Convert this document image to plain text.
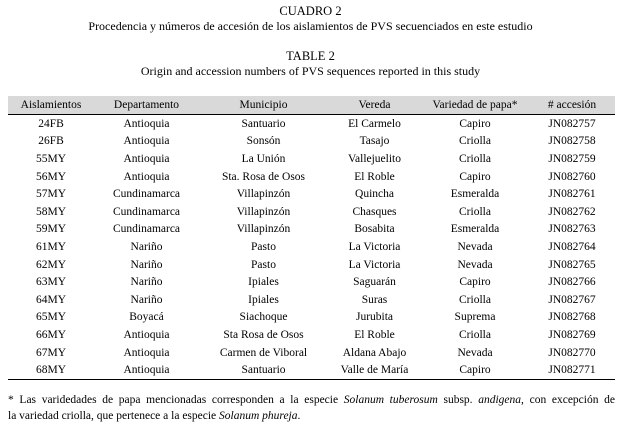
CUADRO 2
Procedencia y números de accesión de los aislamientos de PVS secuenciados en este estudio
TABLE 2
Origin and accession numbers of PVS sequences reported in this study
Aislamientos	Departamento	Municipio	Vereda	Variedad de papa*	# accesión
24FB	Antioquia	Santuario	El Carmelo	Capiro	JN082757
26FB	Antioquia	Sonsón	Tasajo	Criolla	JN082758
55MY	Antioquia	La Unión	Vallejuelito	Criolla	JN082759
56MY	Antioquia	Sta. Rosa de Osos	El Roble	Capiro	JN082760
57MY	Cundinamarca	Villapinzón	Quincha	Esmeralda	JN082761
58MY	Cundinamarca	Villapinzón	Chasques	Criolla	JN082762
59MY	Cundinamarca	Villapinzón	Bosabita	Esmeralda	JN082763
61MY	Nariño	Pasto	La Victoria	Nevada	JN082764
62MY	Nariño	Pasto	La Victoria	Nevada	JN082765
63MY	Nariño	Ipiales	Saguarán	Capiro	JN082766
64MY	Nariño	Ipiales	Suras	Criolla	JN082767
65MY	Boyacá	Siachoque	Jurubita	Suprema	JN082768
66MY	Antioquia	Sta Rosa de Osos	El Roble	Criolla	JN082769
67MY	Antioquia	Carmen de Viboral	Aldana Abajo	Nevada	JN082770
68MY	Antioquia	Santuario	Valle de María	Capiro	JN082771
* Las varidedades de papa mencionadas corresponden a la especie Solanum tuberosum subsp. andigena, con excepción de
la variedad criolla, que pertenece a la especie Solanum phureja.
